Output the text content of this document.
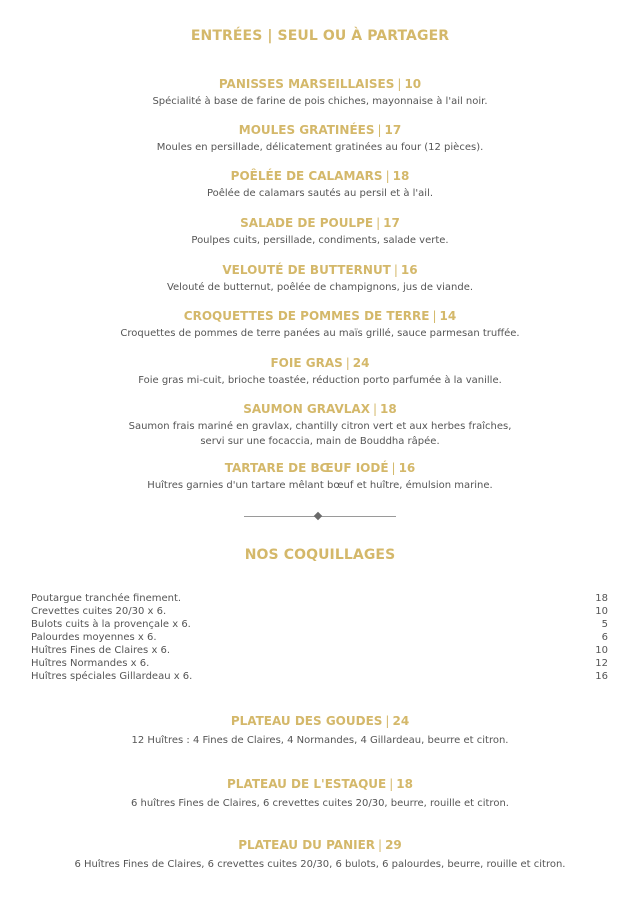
ENTRÉES | SEUL OU À PARTAGER
PANISSES MARSEILLAISES | 10
Spécialité à base de farine de pois chiches, mayonnaise à l'ail noir.
MOULES GRATINÉES | 17
Moules en persillade, délicatement gratinées au four (12 pièces).
POÊLÉE DE CALAMARS | 18
Poêlée de calamars sautés au persil et à l'ail.
SALADE DE POULPE | 17
Poulpes cuits, persillade, condiments, salade verte.
VELOUTÉ DE BUTTERNUT | 16
Velouté de butternut, poêlée de champignons, jus de viande.
CROQUETTES DE POMMES DE TERRE | 14
Croquettes de pommes de terre panées au maïs grillé, sauce parmesan truffée.
FOIE GRAS | 24
Foie gras mi-cuit, brioche toastée, réduction porto parfumée à la vanille.
SAUMON GRAVLAX | 18
Saumon frais mariné en gravlax, chantilly citron vert et aux herbes fraîches,
servi sur une focaccia, main de Bouddha râpée.
TARTARE DE BŒUF IODÉ | 16
Huîtres garnies d'un tartare mêlant bœuf et huître, émulsion marine.
NOS COQUILLAGES
Poutargue tranchée finement.	18
Crevettes cuites 20/30 x 6.	10
Bulots cuits à la provençale x 6.	5
Palourdes moyennes x 6.	6
Huîtres Fines de Claires x 6.	10
Huîtres Normandes x 6.	12
Huîtres spéciales Gillardeau x 6.	16
PLATEAU DES GOUDES | 24
12 Huîtres : 4 Fines de Claires, 4 Normandes, 4 Gillardeau, beurre et citron.
PLATEAU DE L'ESTAQUE | 18
6 huîtres Fines de Claires, 6 crevettes cuites 20/30, beurre, rouille et citron.
PLATEAU DU PANIER | 29
6 Huîtres Fines de Claires, 6 crevettes cuites 20/30, 6 bulots, 6 palourdes, beurre, rouille et citron.
